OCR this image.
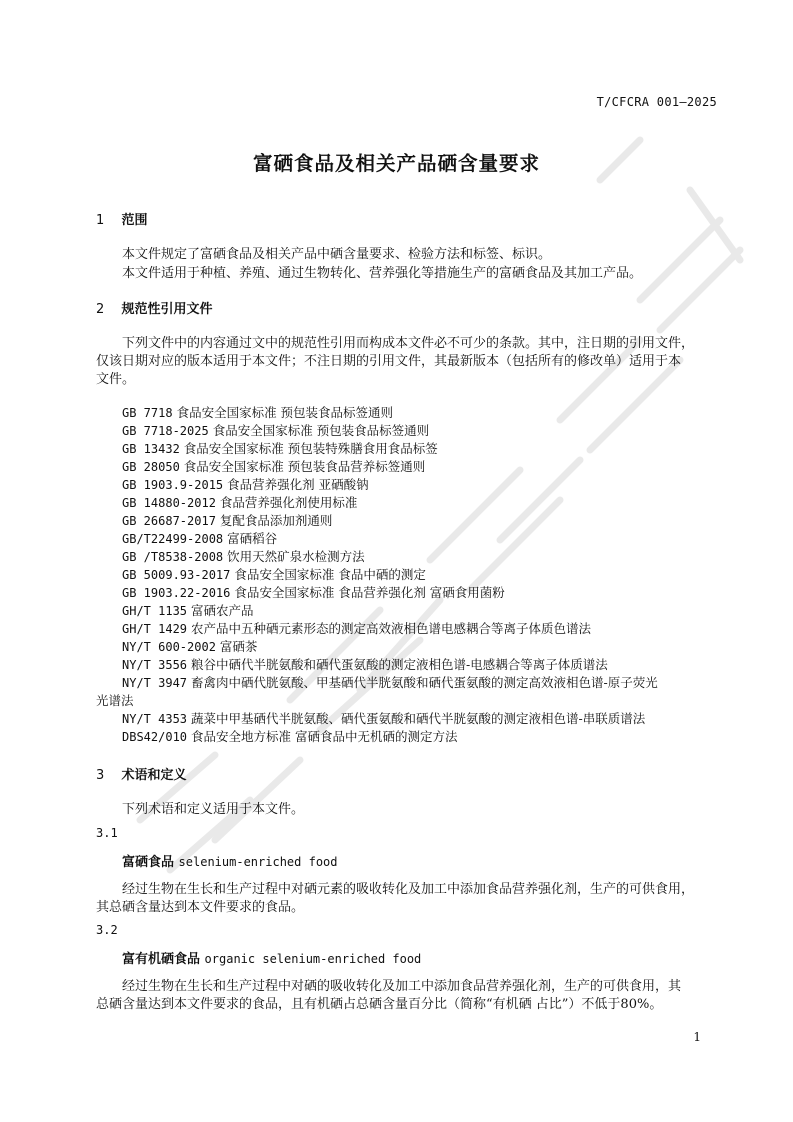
T/CFCRA 001—2025
富硒食品及相关产品硒含量要求
1 范围
本文件规定了富硒食品及相关产品中硒含量要求、检验方法和标签、标识。
本文件适用于种植、养殖、通过生物转化、营养强化等措施生产的富硒食品及其加工产品。
2 规范性引用文件
下列文件中的内容通过文中的规范性引用而构成本文件必不可少的条款。其中，注日期的引用文件，
仅该日期对应的版本适用于本文件；不注日期的引用文件，其最新版本（包括所有的修改单）适用于本
文件。
GB 7718 食品安全国家标准 预包装食品标签通则
GB 7718-2025 食品安全国家标准 预包装食品标签通则
GB 13432 食品安全国家标准 预包装特殊膳食用食品标签
GB 28050 食品安全国家标准 预包装食品营养标签通则
GB 1903.9-2015 食品营养强化剂 亚硒酸钠
GB 14880-2012 食品营养强化剂使用标准
GB 26687-2017 复配食品添加剂通则
GB/T22499-2008 富硒稻谷
GB /T8538-2008 饮用天然矿泉水检测方法
GB 5009.93-2017 食品安全国家标准 食品中硒的测定
GB 1903.22-2016 食品安全国家标准 食品营养强化剂 富硒食用菌粉
GH/T 1135 富硒农产品
GH/T 1429 农产品中五种硒元素形态的测定高效液相色谱电感耦合等离子体质色谱法
NY/T 600-2002 富硒茶
NY/T 3556 粮谷中硒代半胱氨酸和硒代蛋氨酸的测定液相色谱-电感耦合等离子体质谱法
NY/T 3947 畜禽肉中硒代胱氨酸、甲基硒代半胱氨酸和硒代蛋氨酸的测定高效液相色谱-原子荧光
光谱法
NY/T 4353 蔬菜中甲基硒代半胱氨酸、硒代蛋氨酸和硒代半胱氨酸的测定液相色谱-串联质谱法
DBS42/010 食品安全地方标准 富硒食品中无机硒的测定方法
3 术语和定义
下列术语和定义适用于本文件。
3.1
富硒食品 selenium-enriched food
经过生物在生长和生产过程中对硒元素的吸收转化及加工中添加食品营养强化剂，生产的可供食用，
其总硒含量达到本文件要求的食品。
3.2
富有机硒食品 organic selenium-enriched food
经过生物在生长和生产过程中对硒的吸收转化及加工中添加食品营养强化剂，生产的可供食用，其
总硒含量达到本文件要求的食品，且有机硒占总硒含量百分比（简称“有机硒 占比”）不低于80%。
1
